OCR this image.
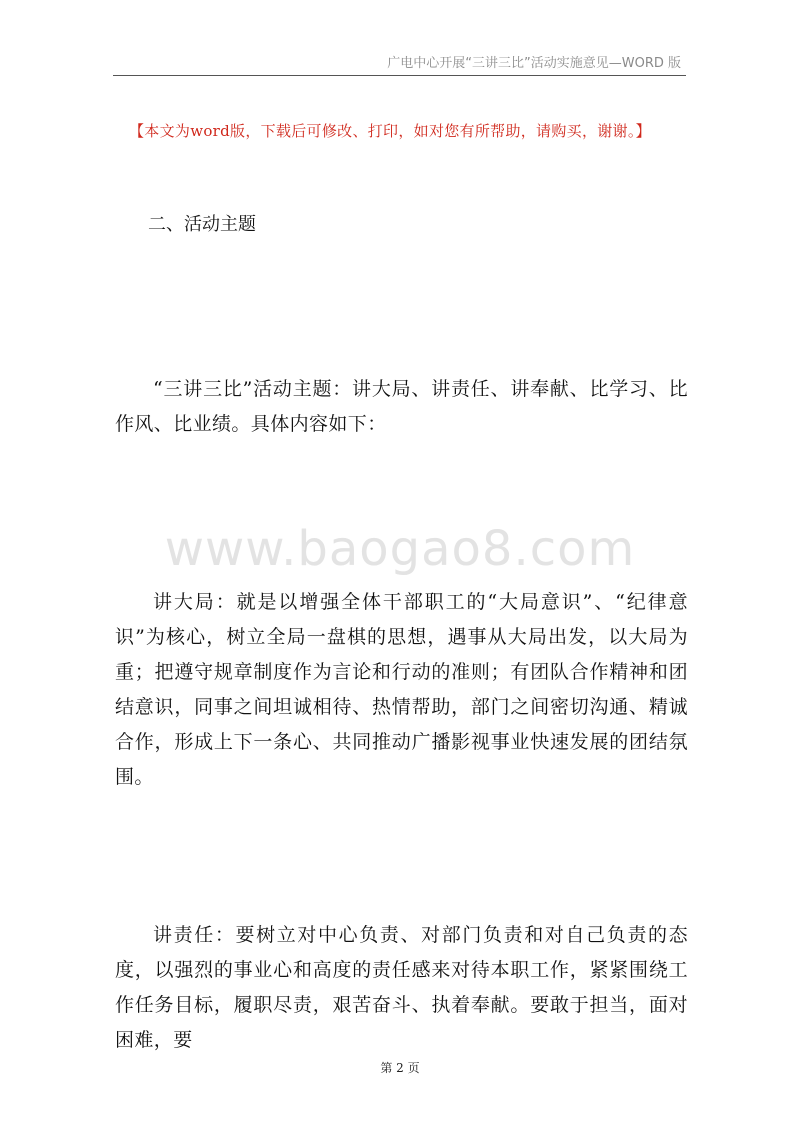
广电中心开展“三讲三比”活动实施意见—WORD 版
【本文为word版，下载后可修改、打印，如对您有所帮助，请购买，谢谢。】
二、活动主题

“三讲三比”活动主题：讲大局、讲责任、讲奉献、比学习、比作风、比业绩。具体内容如下：

www.baogao8.com

讲大局：就是以增强全体干部职工的“大局意识”、“纪律意识”为核心，树立全局一盘棋的思想，遇事从大局出发，以大局为重；把遵守规章制度作为言论和行动的准则；有团队合作精神和团结意识，同事之间坦诚相待、热情帮助，部门之间密切沟通、精诚合作，形成上下一条心、共同推动广播影视事业快速发展的团结氛围。

讲责任：要树立对中心负责、对部门负责和对自己负责的态度，以强烈的事业心和高度的责任感来对待本职工作，紧紧围绕工作任务目标，履职尽责，艰苦奋斗、执着奉献。要敢于担当，面对困难，要

第 2 页
